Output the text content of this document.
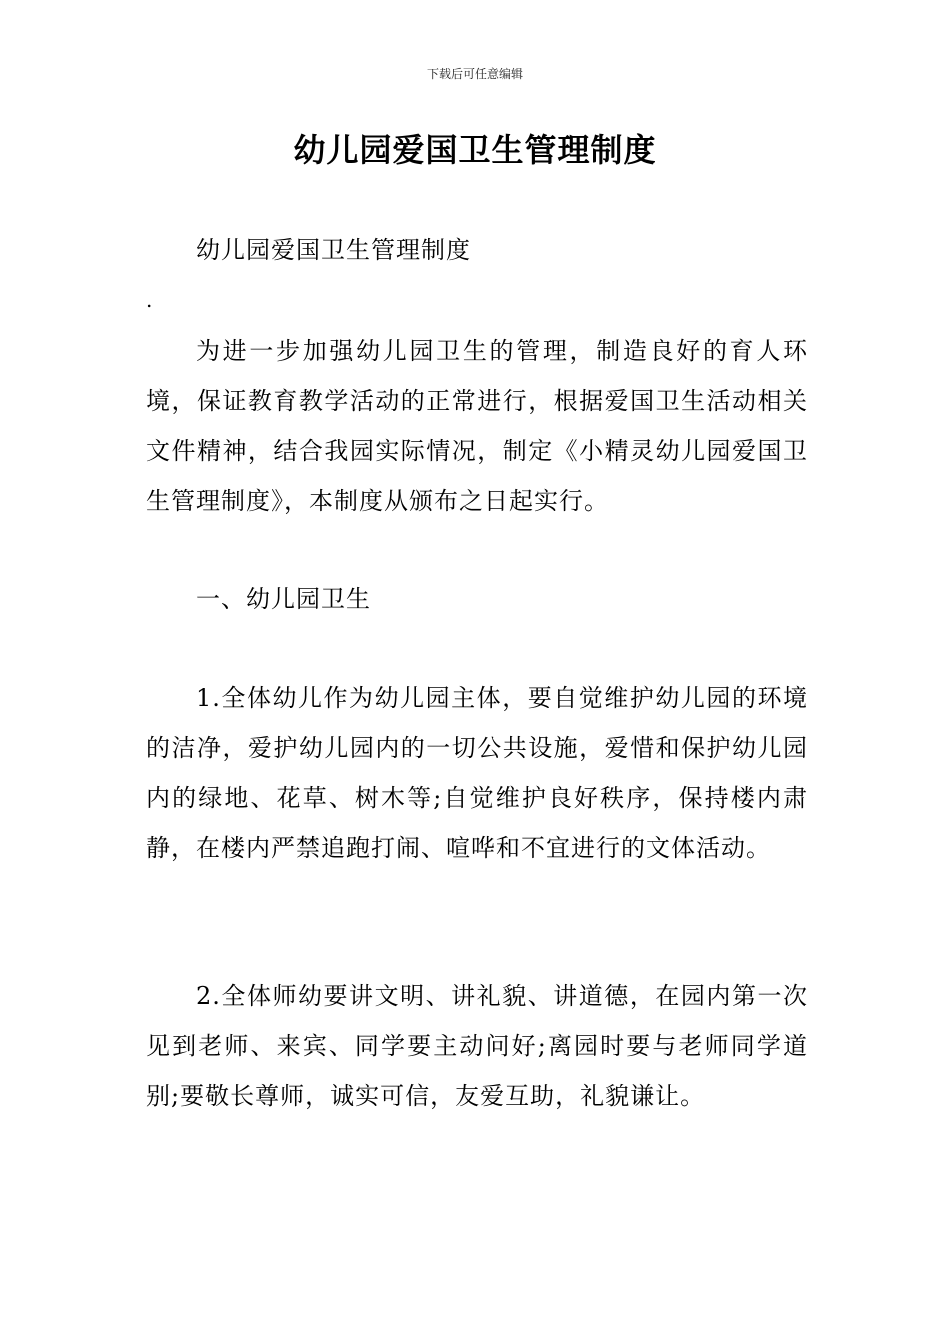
下载后可任意编辑
幼儿园爱国卫生管理制度

幼儿园爱国卫生管理制度

.

为进一步加强幼儿园卫生的管理，制造良好的育人环境，保证教育教学活动的正常进行，根据爱国卫生活动相关文件精神，结合我园实际情况，制定《小精灵幼儿园爱国卫生管理制度》，本制度从颁布之日起实行。

一、幼儿园卫生

1.全体幼儿作为幼儿园主体，要自觉维护幼儿园的环境的洁净，爱护幼儿园内的一切公共设施，爱惜和保护幼儿园内的绿地、花草、树木等;自觉维护良好秩序，保持楼内肃静，在楼内严禁追跑打闹、喧哗和不宜进行的文体活动。

2.全体师幼要讲文明、讲礼貌、讲道德，在园内第一次见到老师、来宾、同学要主动问好;离园时要与老师同学道别;要敬长尊师，诚实可信，友爱互助，礼貌谦让。
